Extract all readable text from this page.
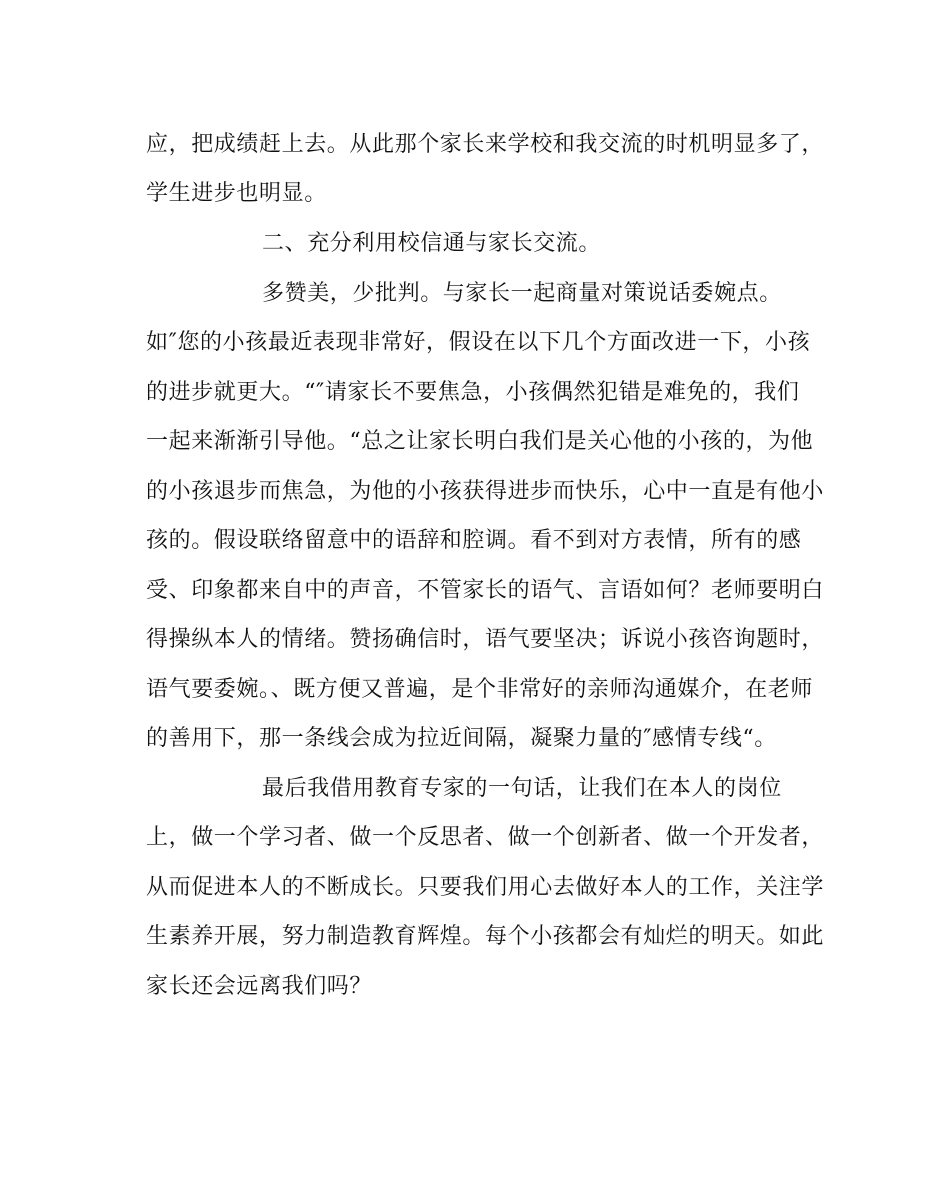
应，把成绩赶上去。从此那个家长来学校和我交流的时机明显多了，
学生进步也明显。
二、充分利用校信通与家长交流。
多赞美，少批判。与家长一起商量对策说话委婉点。
如″您的小孩最近表现非常好，假设在以下几个方面改进一下，小孩
的进步就更大。“″请家长不要焦急，小孩偶然犯错是难免的，我们
一起来渐渐引导他。“总之让家长明白我们是关心他的小孩的，为他
的小孩退步而焦急，为他的小孩获得进步而快乐，心中一直是有他小
孩的。假设联络留意中的语辞和腔调。看不到对方表情，所有的感
受、印象都来自中的声音，不管家长的语气、言语如何？老师要明白
得操纵本人的情绪。赞扬确信时，语气要坚决；诉说小孩咨询题时，
语气要委婉。、既方便又普遍，是个非常好的亲师沟通媒介，在老师
的善用下，那一条线会成为拉近间隔，凝聚力量的″感情专线“。
最后我借用教育专家的一句话，让我们在本人的岗位
上，做一个学习者、做一个反思者、做一个创新者、做一个开发者，
从而促进本人的不断成长。只要我们用心去做好本人的工作，关注学
生素养开展，努力制造教育辉煌。每个小孩都会有灿烂的明天。如此
家长还会远离我们吗？
